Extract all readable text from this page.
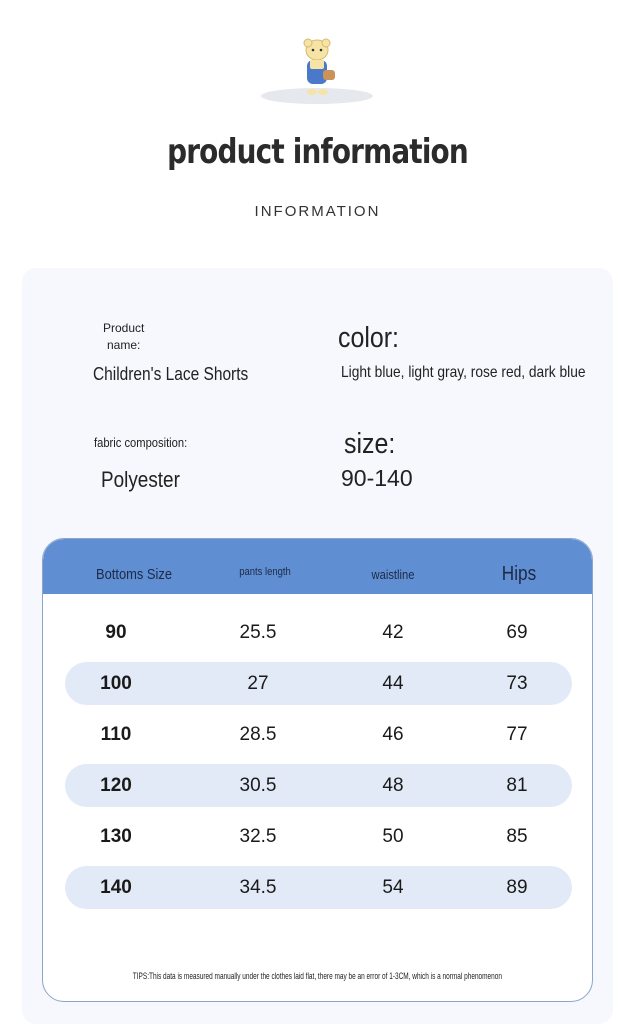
product information
INFORMATION
Product
name:
Children's Lace Shorts
color:
Light blue, light gray, rose red, dark blue
fabric composition:
Polyester
size:
90-140
Bottoms Size	pants length	waistline	Hips
90	25.5	42	69
100	27	44	73
110	28.5	46	77
120	30.5	48	81
130	32.5	50	85
140	34.5	54	89
TIPS:This data is measured manually under the clothes laid flat, there may be an error of 1-3CM, which is a normal phenomenon
